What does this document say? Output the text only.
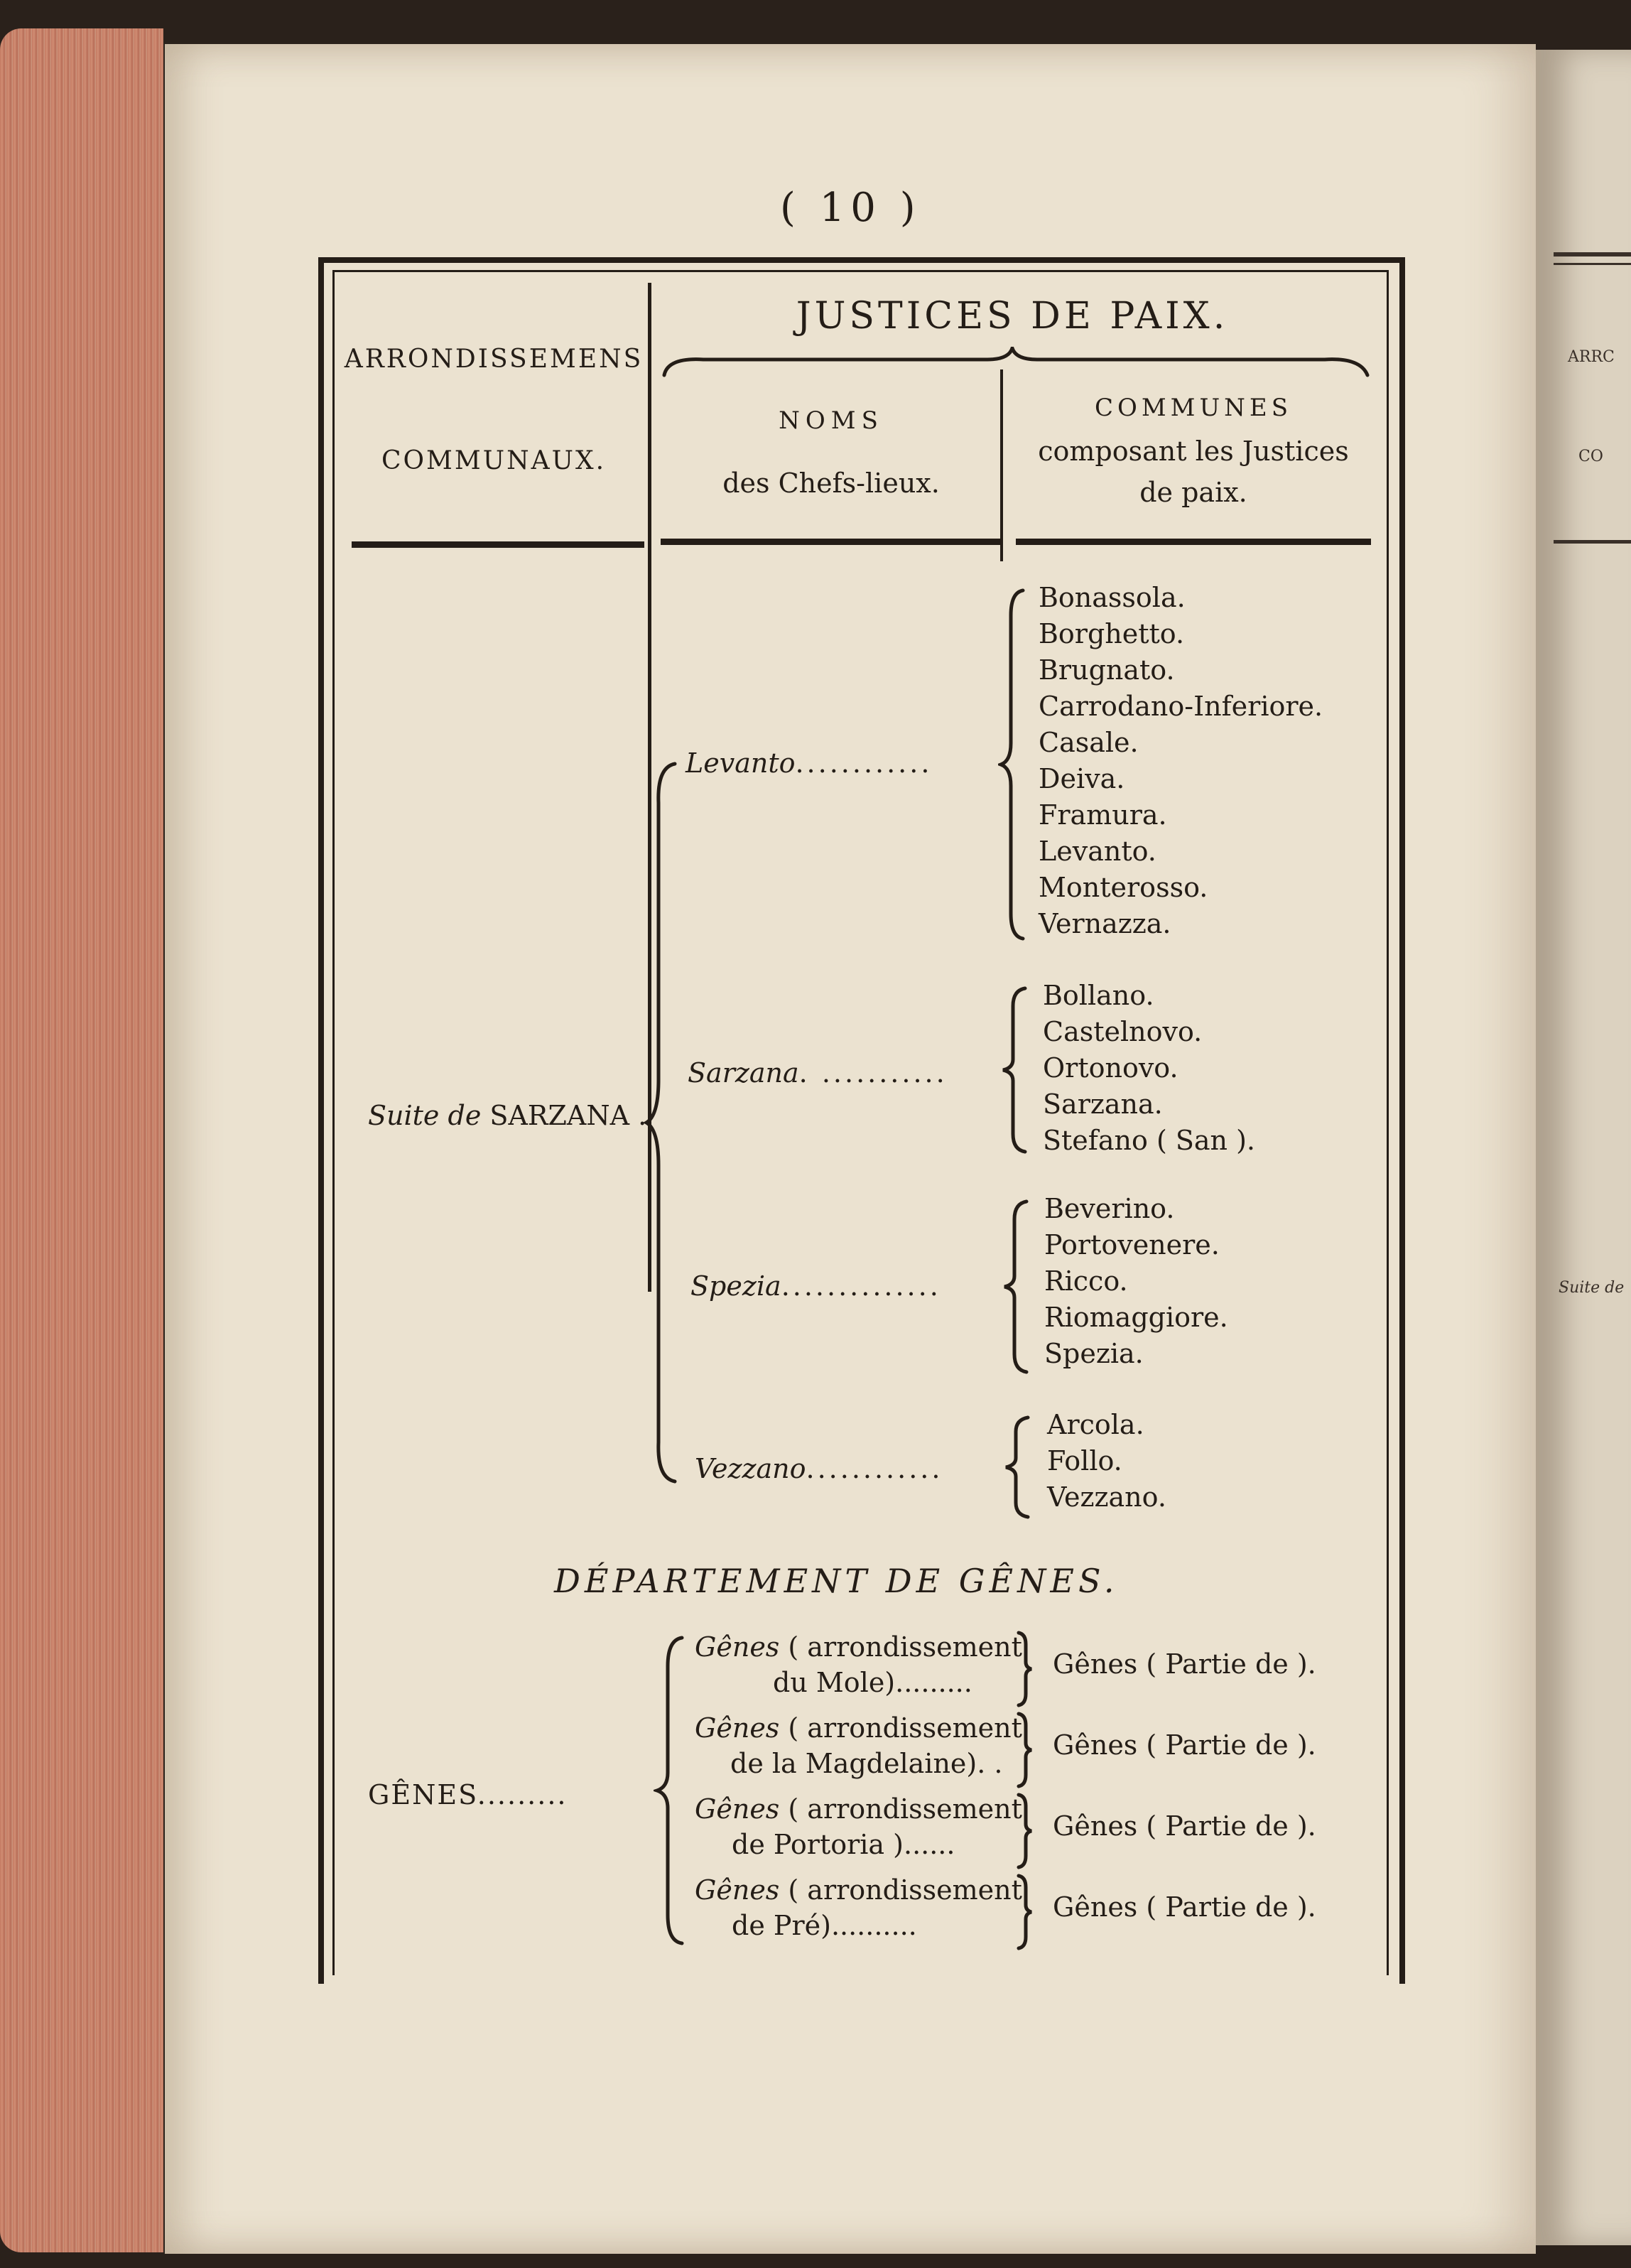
ARRC
CO
Suite de
( 10 )
ARRONDISSEMENS
COMMUNAUX.
JUSTICES DE PAIX.
NOMS
des Chefs-lieux.
COMMUNES
composant les Justices
de paix.
Suite de SARZANA .
Levanto............
Bonassola.
Borghetto.
Brugnato.
Carrodano-Inferiore.
Casale.
Deiva.
Framura.
Levanto.
Monterosso.
Vernazza.
Sarzana. ...........
Bollano.
Castelnovo.
Ortonovo.
Sarzana.
Stefano ( San ).
Spezia..............
Beverino.
Portovenere.
Ricco.
Riomaggiore.
Spezia.
Vezzano............
Arcola.
Follo.
Vezzano.
DÉPARTEMENT DE GÊNES.
GÊNES.........
Gênes ( arrondissement
du Mole).........
Gênes ( Partie de ).
Gênes ( arrondissement
de la Magdelaine). .
Gênes ( Partie de ).
Gênes ( arrondissement
de Portoria )......
Gênes ( Partie de ).
Gênes ( arrondissement
de Pré)..........
Gênes ( Partie de ).
